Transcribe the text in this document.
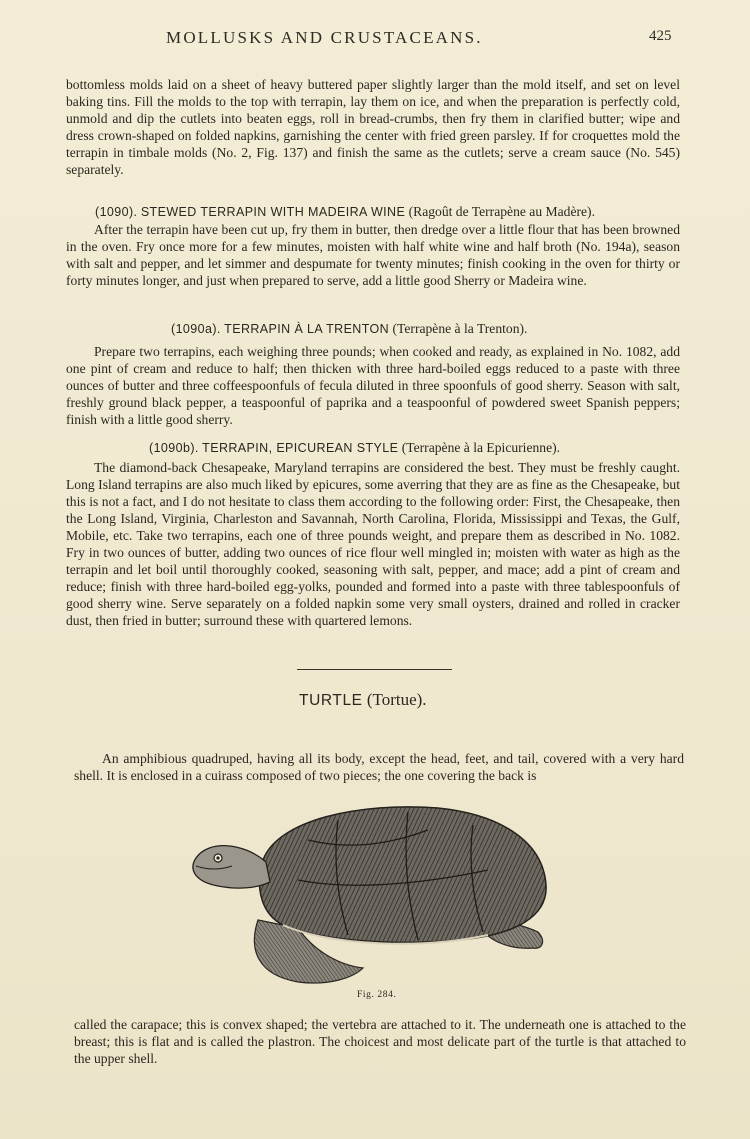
MOLLUSKS AND CRUSTACEANS.	425

bottomless molds laid on a sheet of heavy buttered paper slightly larger than the mold itself, and set on level baking tins. Fill the molds to the top with terrapin, lay them on ice, and when the preparation is perfectly cold, unmold and dip the cutlets into beaten eggs, roll in bread-crumbs, then fry them in clarified butter; wipe and dress crown-shaped on folded napkins, garnishing the center with fried green parsley. If for croquettes mold the terrapin in timbale molds (No. 2, Fig. 137) and finish the same as the cutlets; serve a cream sauce (No. 545) separately.

(1090). STEWED TERRAPIN WITH MADEIRA WINE (Ragoût de Terrapène au Madère).

After the terrapin have been cut up, fry them in butter, then dredge over a little flour that has been browned in the oven. Fry once more for a few minutes, moisten with half white wine and half broth (No. 194a), season with salt and pepper, and let simmer and despumate for twenty minutes; finish cooking in the oven for thirty or forty minutes longer, and just when prepared to serve, add a little good Sherry or Madeira wine.

(1090a). TERRAPIN À LA TRENTON (Terrapène à la Trenton).

Prepare two terrapins, each weighing three pounds; when cooked and ready, as explained in No. 1082, add one pint of cream and reduce to half; then thicken with three hard-boiled eggs reduced to a paste with three ounces of butter and three coffeespoonfuls of fecula diluted in three spoonfuls of good sherry. Season with salt, freshly ground black pepper, a teaspoonful of paprika and a teaspoonful of powdered sweet Spanish peppers; finish with a little good sherry.

(1090b). TERRAPIN, EPICUREAN STYLE (Terrapène à la Epicurienne).

The diamond-back Chesapeake, Maryland terrapins are considered the best. They must be freshly caught. Long Island terrapins are also much liked by epicures, some averring that they are as fine as the Chesapeake, but this is not a fact, and I do not hesitate to class them according to the following order: First, the Chesapeake, then the Long Island, Virginia, Charleston and Savannah, North Carolina, Florida, Mississippi and Texas, the Gulf, Mobile, etc. Take two terrapins, each one of three pounds weight, and prepare them as described in No. 1082. Fry in two ounces of butter, adding two ounces of rice flour well mingled in; moisten with water as high as the terrapin and let boil until thoroughly cooked, seasoning with salt, pepper, and mace; add a pint of cream and reduce; finish with three hard-boiled egg-yolks, pounded and formed into a paste with three tablespoonfuls of good sherry wine. Serve separately on a folded napkin some very small oysters, drained and rolled in cracker dust, then fried in butter; surround these with quartered lemons.

TURTLE (Tortue).

An amphibious quadruped, having all its body, except the head, feet, and tail, covered with a very hard shell. It is enclosed in a cuirass composed of two pieces; the one covering the back is

Fig. 284.

called the carapace; this is convex shaped; the vertebra are attached to it. The underneath one is attached to the breast; this is flat and is called the plastron. The choicest and most delicate part of the turtle is that attached to the upper shell.
